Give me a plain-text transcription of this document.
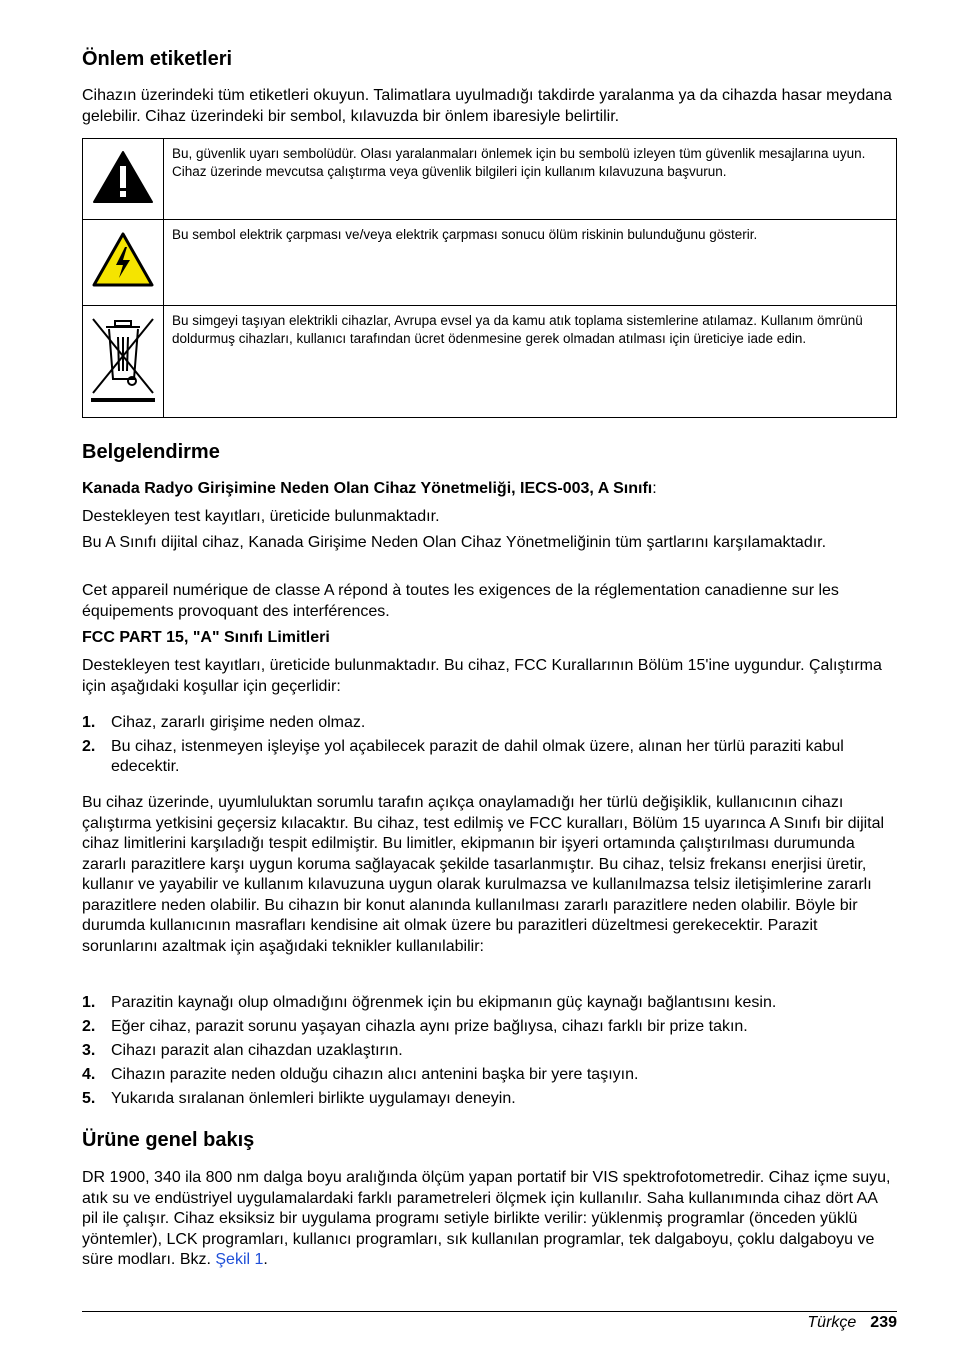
Önlem etiketleri

Cihazın üzerindeki tüm etiketleri okuyun. Talimatlara uyulmadığı takdirde yaralanma ya da cihazda hasar meydana gelebilir. Cihaz üzerindeki bir sembol, kılavuzda bir önlem ibaresiyle belirtilir.

	Bu, güvenlik uyarı sembolüdür. Olası yaralanmaları önlemek için bu sembolü izleyen tüm güvenlik mesajlarına uyun. Cihaz üzerinde mevcutsa çalıştırma veya güvenlik bilgileri için kullanım kılavuzuna başvurun.
	Bu sembol elektrik çarpması ve/veya elektrik çarpması sonucu ölüm riskinin bulunduğunu gösterir.
	Bu simgeyi taşıyan elektrikli cihazlar, Avrupa evsel ya da kamu atık toplama sistemlerine atılamaz. Kullanım ömrünü doldurmuş cihazları, kullanıcı tarafından ücret ödenmesine gerek olmadan atılması için üreticiye iade edin.
Belgelendirme

Kanada Radyo Girişimine Neden Olan Cihaz Yönetmeliği, IECS-003, A Sınıfı:

Destekleyen test kayıtları, üreticide bulunmaktadır.

Bu A Sınıfı dijital cihaz, Kanada Girişime Neden Olan Cihaz Yönetmeliğinin tüm şartlarını karşılamaktadır.

Cet appareil numérique de classe A répond à toutes les exigences de la réglementation canadienne sur les équipements provoquant des interférences.

FCC PART 15, "A" Sınıfı Limitleri

Destekleyen test kayıtları, üreticide bulunmaktadır. Bu cihaz, FCC Kurallarının Bölüm 15'ine uygundur. Çalıştırma için aşağıdaki koşullar için geçerlidir:

1. Cihaz, zararlı girişime neden olmaz.
2. Bu cihaz, istenmeyen işleyişe yol açabilecek parazit de dahil olmak üzere, alınan her türlü paraziti kabul edecektir.

Bu cihaz üzerinde, uyumluluktan sorumlu tarafın açıkça onaylamadığı her türlü değişiklik, kullanıcının cihazı çalıştırma yetkisini geçersiz kılacaktır. Bu cihaz, test edilmiş ve FCC kuralları, Bölüm 15 uyarınca A Sınıfı bir dijital cihaz limitlerini karşıladığı tespit edilmiştir. Bu limitler, ekipmanın bir işyeri ortamında çalıştırılması durumunda zararlı parazitlere karşı uygun koruma sağlayacak şekilde tasarlanmıştır. Bu cihaz, telsiz frekansı enerjisi üretir, kullanır ve yayabilir ve kullanım kılavuzuna uygun olarak kurulmazsa ve kullanılmazsa telsiz iletişimlerine zararlı parazitlere neden olabilir. Bu cihazın bir konut alanında kullanılması zararlı parazitlere neden olabilir. Böyle bir durumda kullanıcının masrafları kendisine ait olmak üzere bu parazitleri düzeltmesi gerekecektir. Parazit sorunlarını azaltmak için aşağıdaki teknikler kullanılabilir:

1. Parazitin kaynağı olup olmadığını öğrenmek için bu ekipmanın güç kaynağı bağlantısını kesin.
2. Eğer cihaz, parazit sorunu yaşayan cihazla aynı prize bağlıysa, cihazı farklı bir prize takın.
3. Cihazı parazit alan cihazdan uzaklaştırın.
4. Cihazın parazite neden olduğu cihazın alıcı antenini başka bir yere taşıyın.
5. Yukarıda sıralanan önlemleri birlikte uygulamayı deneyin.
Ürüne genel bakış

DR 1900, 340 ila 800 nm dalga boyu aralığında ölçüm yapan portatif bir VIS spektrofotometredir. Cihaz içme suyu, atık su ve endüstriyel uygulamalardaki farklı parametreleri ölçmek için kullanılır. Saha kullanımında cihaz dört AA pil ile çalışır. Cihaz eksiksiz bir uygulama programı setiyle birlikte verilir: yüklenmiş programlar (önceden yüklü yöntemler), LCK programları, kullanıcı programları, sık kullanılan programlar, tek dalgaboyu, çoklu dalgaboyu ve süre modları. Bkz. Şekil 1.

Türkçe 239
